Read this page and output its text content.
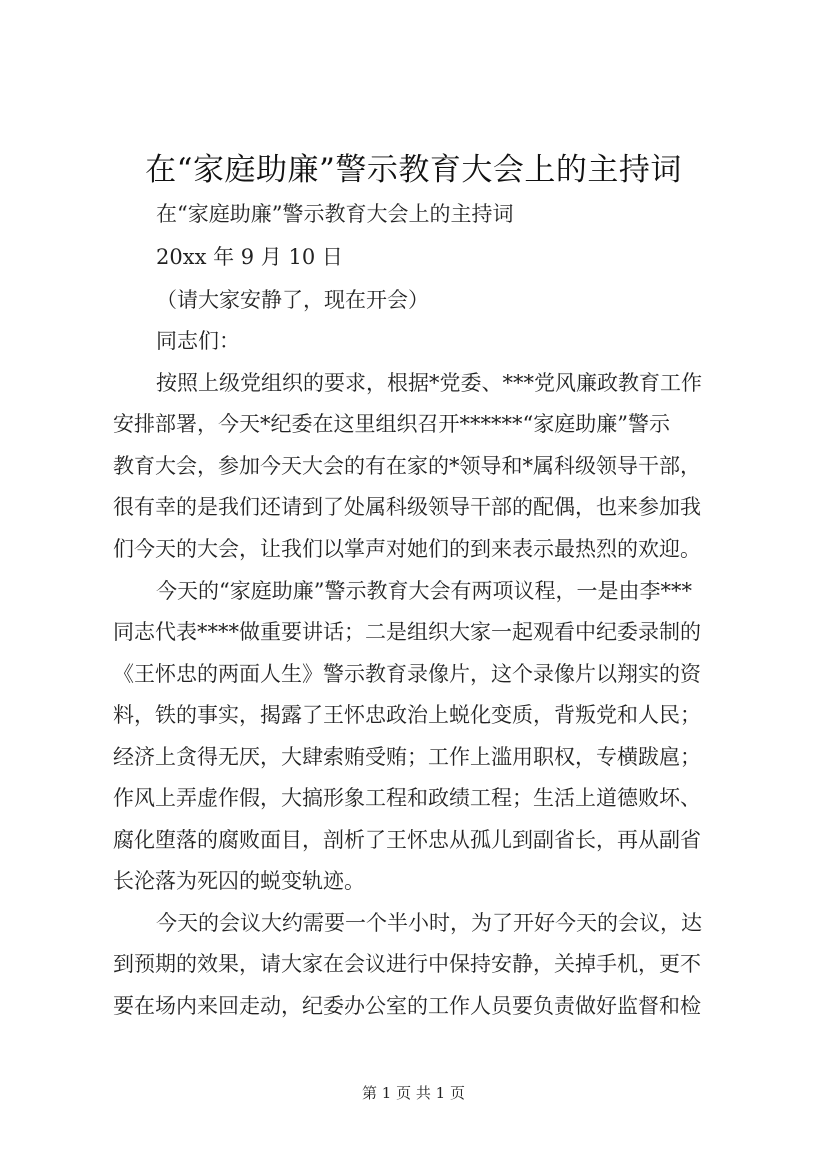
在“家庭助廉”警示教育大会上的主持词
在“家庭助廉”警示教育大会上的主持词
20xx 年 9 月 10 日
（请大家安静了，现在开会）
同志们：
按照上级党组织的要求，根据*党委、***党风廉政教育工作
安排部署，今天*纪委在这里组织召开******“家庭助廉”警示
教育大会，参加今天大会的有在家的*领导和*属科级领导干部，
很有幸的是我们还请到了处属科级领导干部的配偶，也来参加我
们今天的大会，让我们以掌声对她们的到来表示最热烈的欢迎。
今天的“家庭助廉”警示教育大会有两项议程，一是由李***
同志代表****做重要讲话；二是组织大家一起观看中纪委录制的
《王怀忠的两面人生》警示教育录像片，这个录像片以翔实的资
料，铁的事实，揭露了王怀忠政治上蜕化变质，背叛党和人民；
经济上贪得无厌，大肆索贿受贿；工作上滥用职权，专横跋扈；
作风上弄虚作假，大搞形象工程和政绩工程；生活上道德败坏、
腐化堕落的腐败面目，剖析了王怀忠从孤儿到副省长，再从副省
长沦落为死囚的蜕变轨迹。
今天的会议大约需要一个半小时，为了开好今天的会议，达
到预期的效果，请大家在会议进行中保持安静，关掉手机，更不
要在场内来回走动，纪委办公室的工作人员要负责做好监督和检
第 1 页 共 1 页
